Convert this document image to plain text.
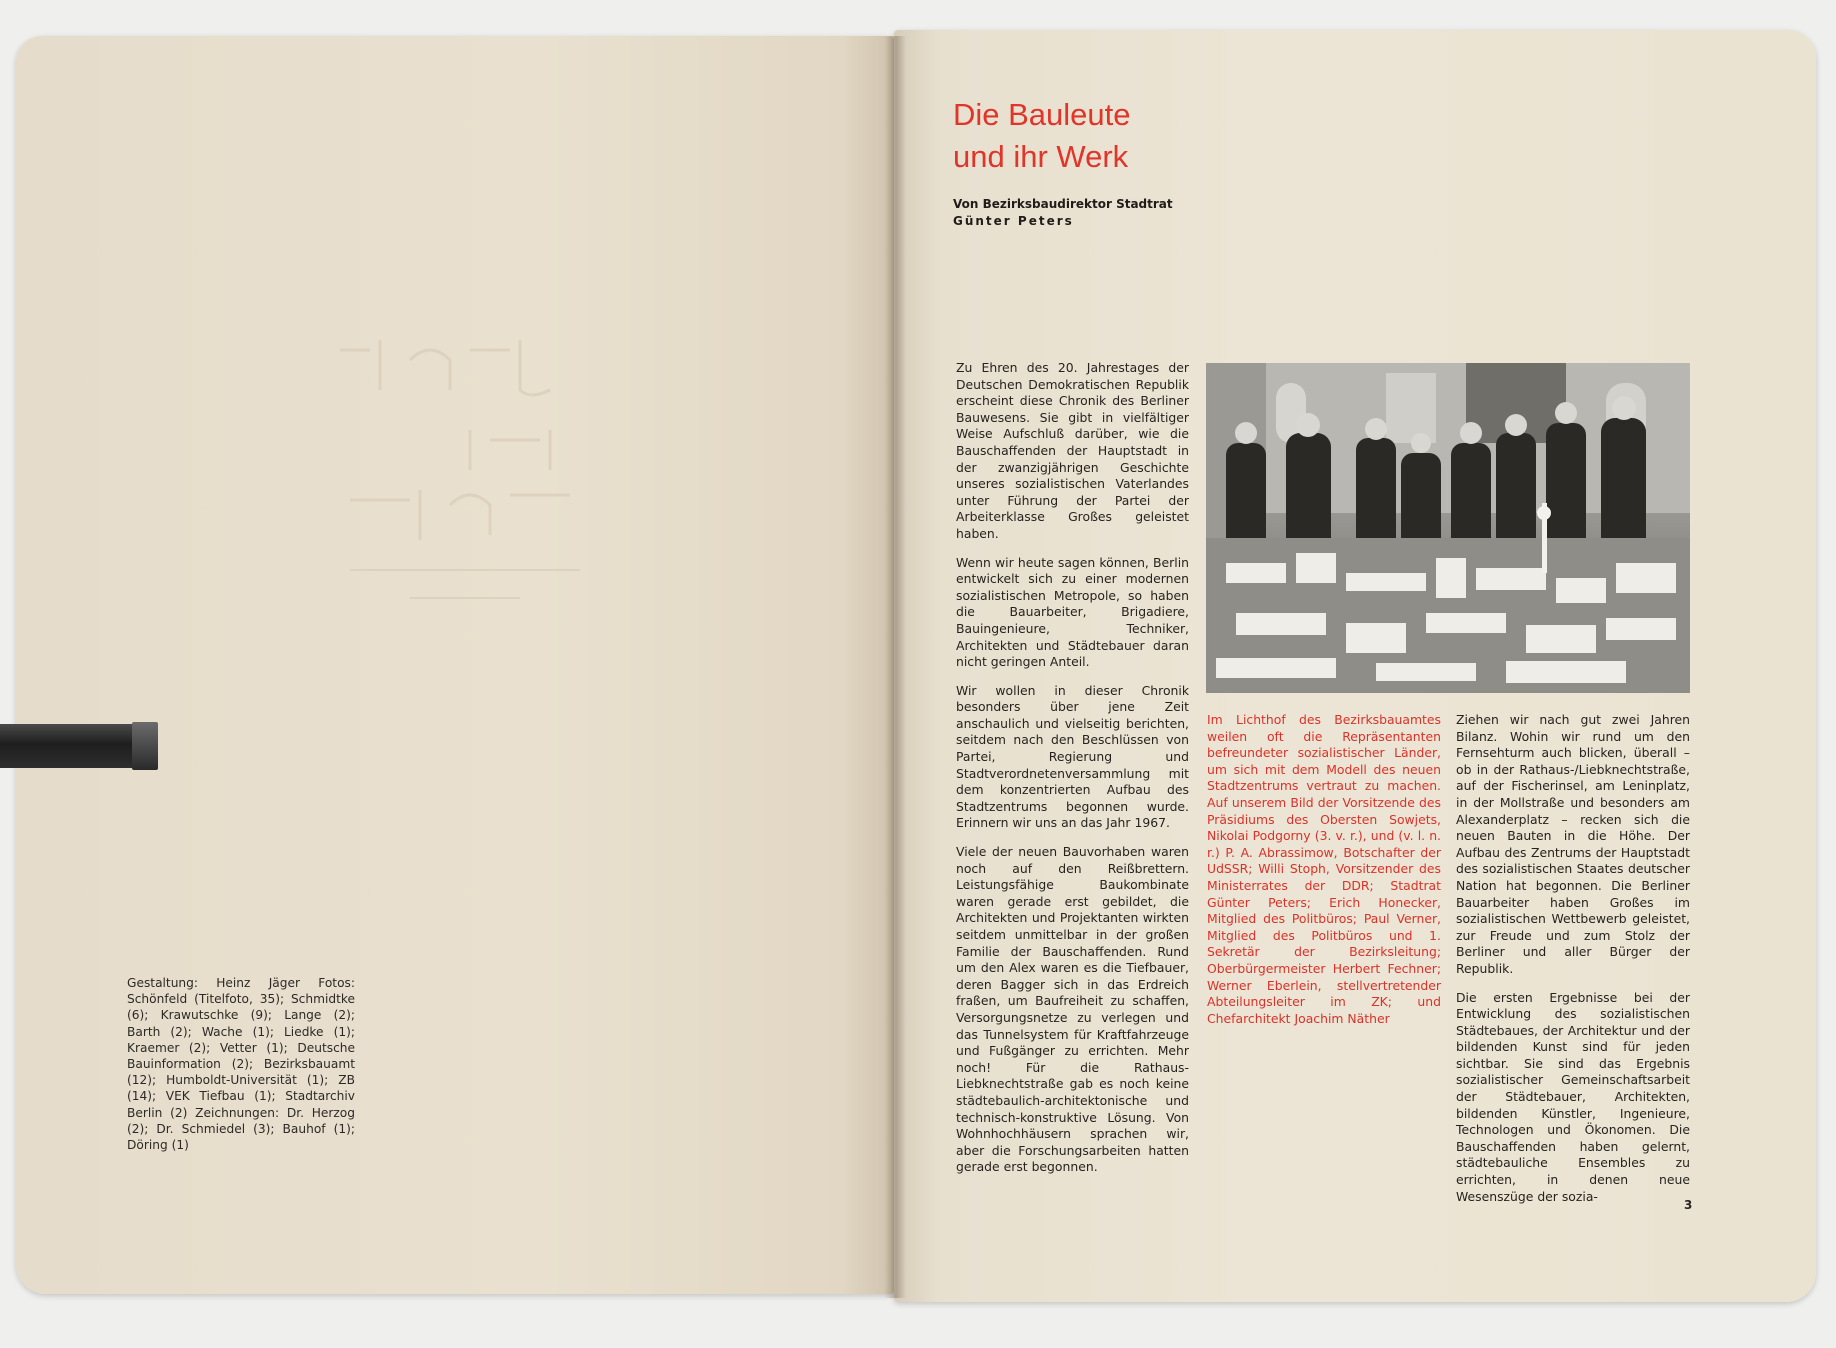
Gestaltung: Heinz Jäger Fotos: Schönfeld (Titelfoto, 35); Schmidtke (6); Krawutschke (9); Lange (2); Barth (2); Wache (1); Liedke (1); Kraemer (2); Vetter (1); Deutsche Bauinformation (2); Bezirksbauamt (12); Humboldt-Universität (1); ZB (14); VEK Tiefbau (1); Stadtarchiv Berlin (2) Zeichnungen: Dr. Herzog (2); Dr. Schmiedel (3); Bauhof (1); Döring (1)

Die Bauleute
und ihr Werk
Von Bezirksbaudirektor Stadtrat
Günter Peters

Zu Ehren des 20. Jahrestages der Deutschen Demokratischen Republik erscheint diese Chronik des Berliner Bauwesens. Sie gibt in vielfältiger Weise Aufschluß darüber, wie die Bauschaffenden der Hauptstadt in der zwanzigjährigen Geschichte unseres sozialistischen Vaterlandes unter Führung der Partei der Arbeiterklasse Großes geleistet haben.

Wenn wir heute sagen können, Berlin entwickelt sich zu einer modernen sozialistischen Metropole, so haben die Bauarbeiter, Brigadiere, Bauingenieure, Techniker, Architekten und Städtebauer daran nicht geringen Anteil.

Wir wollen in dieser Chronik besonders über jene Zeit anschaulich und vielseitig berichten, seitdem nach den Beschlüssen von Partei, Regierung und Stadtverordnetenversammlung mit dem konzentrierten Aufbau des Stadtzentrums begonnen wurde. Erinnern wir uns an das Jahr 1967.

Viele der neuen Bauvorhaben waren noch auf den Reißbrettern. Leistungsfähige Baukombinate waren gerade erst gebildet, die Architekten und Projektanten wirkten seitdem unmittelbar in der großen Familie der Bauschaffenden. Rund um den Alex waren es die Tiefbauer, deren Bagger sich in das Erdreich fraßen, um Baufreiheit zu schaffen, Versorgungsnetze zu verlegen und das Tunnelsystem für Kraftfahrzeuge und Fußgänger zu errichten. Mehr noch! Für die Rathaus-Liebknechtstraße gab es noch keine städtebaulich-architektonische und technisch-konstruktive Lösung. Von Wohnhochhäusern sprachen wir, aber die Forschungsarbeiten hatten gerade erst begonnen.

Im Lichthof des Bezirksbauamtes weilen oft die Repräsentanten befreundeter sozialistischer Länder, um sich mit dem Modell des neuen Stadtzentrums vertraut zu machen. Auf unserem Bild der Vorsitzende des Präsidiums des Obersten Sowjets, Nikolai Podgorny (3. v. r.), und (v. l. n. r.) P. A. Abrassimow, Botschafter der UdSSR; Willi Stoph, Vorsitzender des Ministerrates der DDR; Stadtrat Günter Peters; Erich Honecker, Mitglied des Politbüros; Paul Verner, Mitglied des Politbüros und 1. Sekretär der Bezirksleitung; Oberbürgermeister Herbert Fechner; Werner Eberlein, stellvertretender Abteilungsleiter im ZK; und Chefarchitekt Joachim Näther

Ziehen wir nach gut zwei Jahren Bilanz. Wohin wir rund um den Fernsehturm auch blicken, überall – ob in der Rathaus-/Liebknechtstraße, auf der Fischerinsel, am Leninplatz, in der Mollstraße und besonders am Alexanderplatz – recken sich die neuen Bauten in die Höhe. Der Aufbau des Zentrums der Hauptstadt des sozialistischen Staates deutscher Nation hat begonnen. Die Berliner Bauarbeiter haben Großes im sozialistischen Wettbewerb geleistet, zur Freude und zum Stolz der Berliner und aller Bürger der Republik.

Die ersten Ergebnisse bei der Entwicklung des sozialistischen Städtebaues, der Architektur und der bildenden Kunst sind für jeden sichtbar. Sie sind das Ergebnis sozialistischer Gemeinschaftsarbeit der Städtebauer, Architekten, bildenden Künstler, Ingenieure, Technologen und Ökonomen. Die Bauschaffenden haben gelernt, städtebauliche Ensembles zu errichten, in denen neue Wesenszüge der sozia-

3
